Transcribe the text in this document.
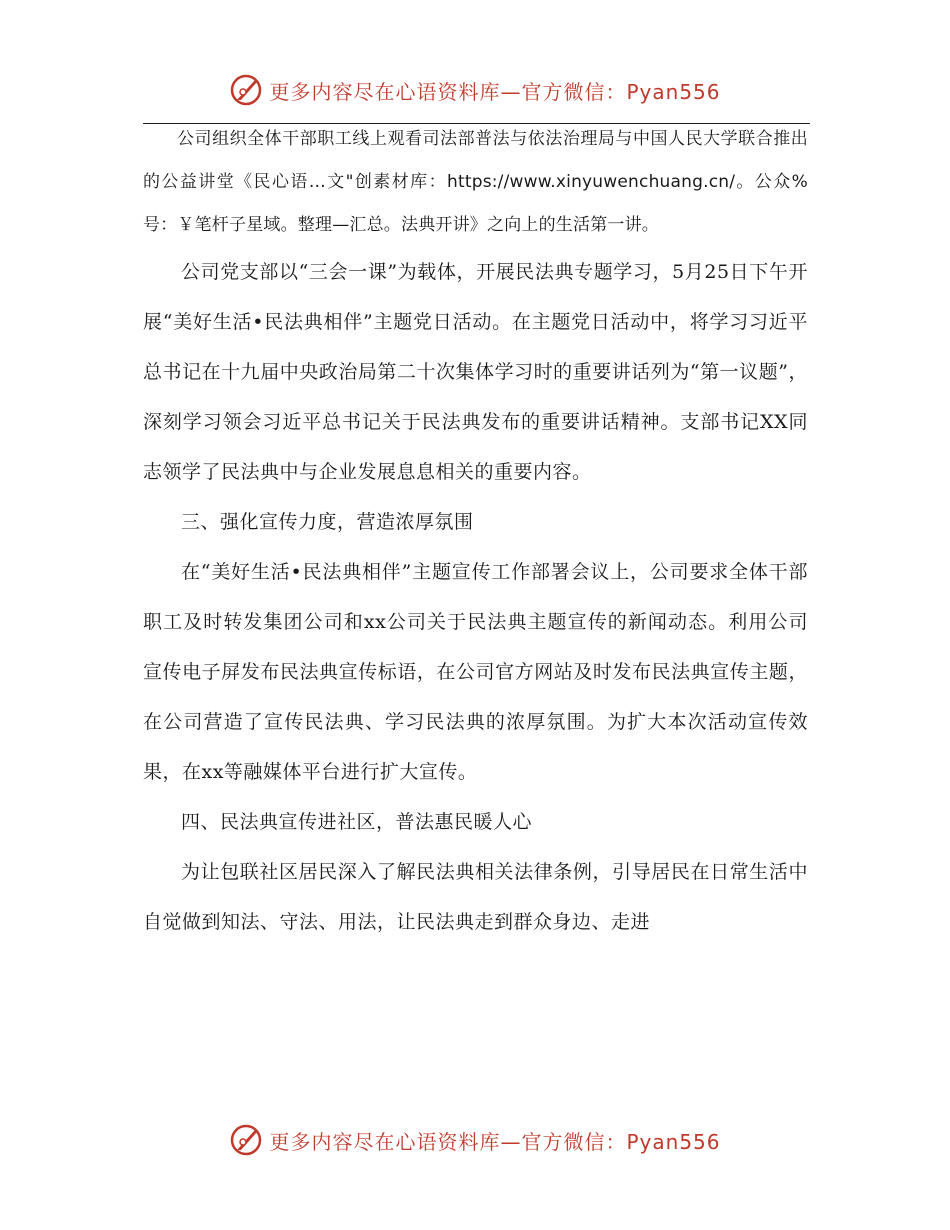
更多内容尽在心语资料库—官方微信：Pyan556

公司组织全体干部职工线上观看司法部普法与依法治理局与中国人民大学联合推出的公益讲堂《民心语…文"创素材库：https://www.xinyuwenchuang.cn/。公众%号：￥笔杆子星域。整理—汇总。法典开讲》之向上的生活第一讲。

公司党支部以“三会一课”为载体，开展民法典专题学习，5月25日下午开展“美好生活•民法典相伴”主题党日活动。在主题党日活动中，将学习习近平总书记在十九届中央政治局第二十次集体学习时的重要讲话列为“第一议题”，深刻学习领会习近平总书记关于民法典发布的重要讲话精神。支部书记XX同志领学了民法典中与企业发展息息相关的重要内容。

三、强化宣传力度，营造浓厚氛围

在“美好生活•民法典相伴”主题宣传工作部署会议上，公司要求全体干部职工及时转发集团公司和xx公司关于民法典主题宣传的新闻动态。利用公司宣传电子屏发布民法典宣传标语，在公司官方网站及时发布民法典宣传主题，在公司营造了宣传民法典、学习民法典的浓厚氛围。为扩大本次活动宣传效果，在xx等融媒体平台进行扩大宣传。

四、民法典宣传进社区，普法惠民暖人心

为让包联社区居民深入了解民法典相关法律条例，引导居民在日常生活中自觉做到知法、守法、用法，让民法典走到群众身边、走进

更多内容尽在心语资料库—官方微信：Pyan556
